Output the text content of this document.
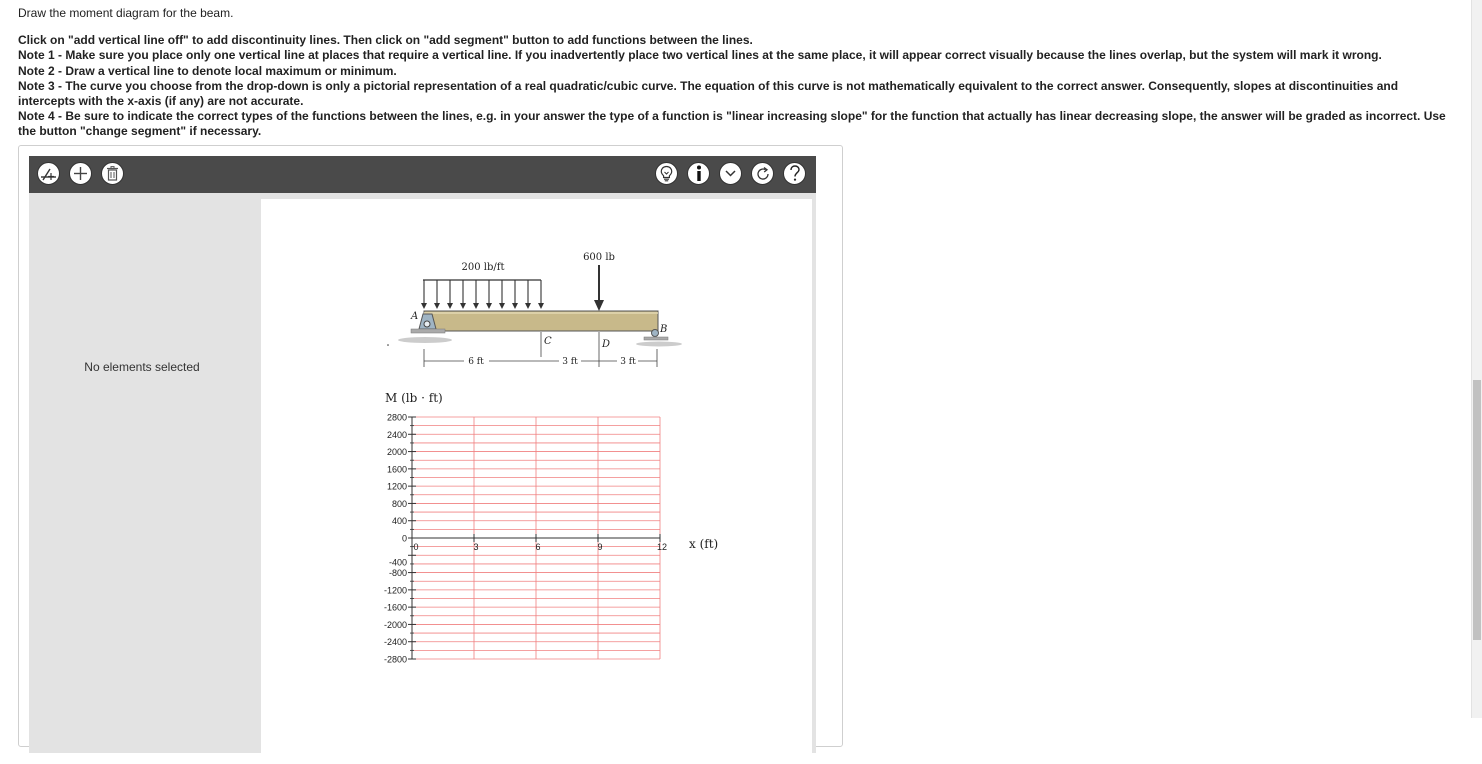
Draw the moment diagram for the beam.

Click on "add vertical line off" to add discontinuity lines. Then click on "add segment" button to add functions between the lines.

Note 1 - Make sure you place only one vertical line at places that require a vertical line. If you inadvertently place two vertical lines at the same place, it will appear correct visually because the lines overlap, but the system will mark it wrong.

Note 2 - Draw a vertical line to denote local maximum or minimum.

Note 3 - The curve you choose from the drop-down is only a pictorial representation of a real quadratic/cubic curve. The equation of this curve is not mathematically equivalent to the correct answer. Consequently, slopes at discontinuities and intercepts with the x-axis (if any) are not accurate.

Note 4 - Be sure to indicate the correct types of the functions between the lines, e.g. in your answer the type of a function is "linear increasing slope" for the function that actually has linear decreasing slope, the answer will be graded as incorrect. Use the button "change segment" if necessary.

No elements selected
200 lb/ft
600 lb
A
B
C	D
6 ft	3 ft	3 ft
M (lb · ft)
x (ft)
2800
2400
2000
1600
1200
800
400
0
-400
-800
-1200
-1600
-2000
-2400
-2800
0	3	6	9	12
